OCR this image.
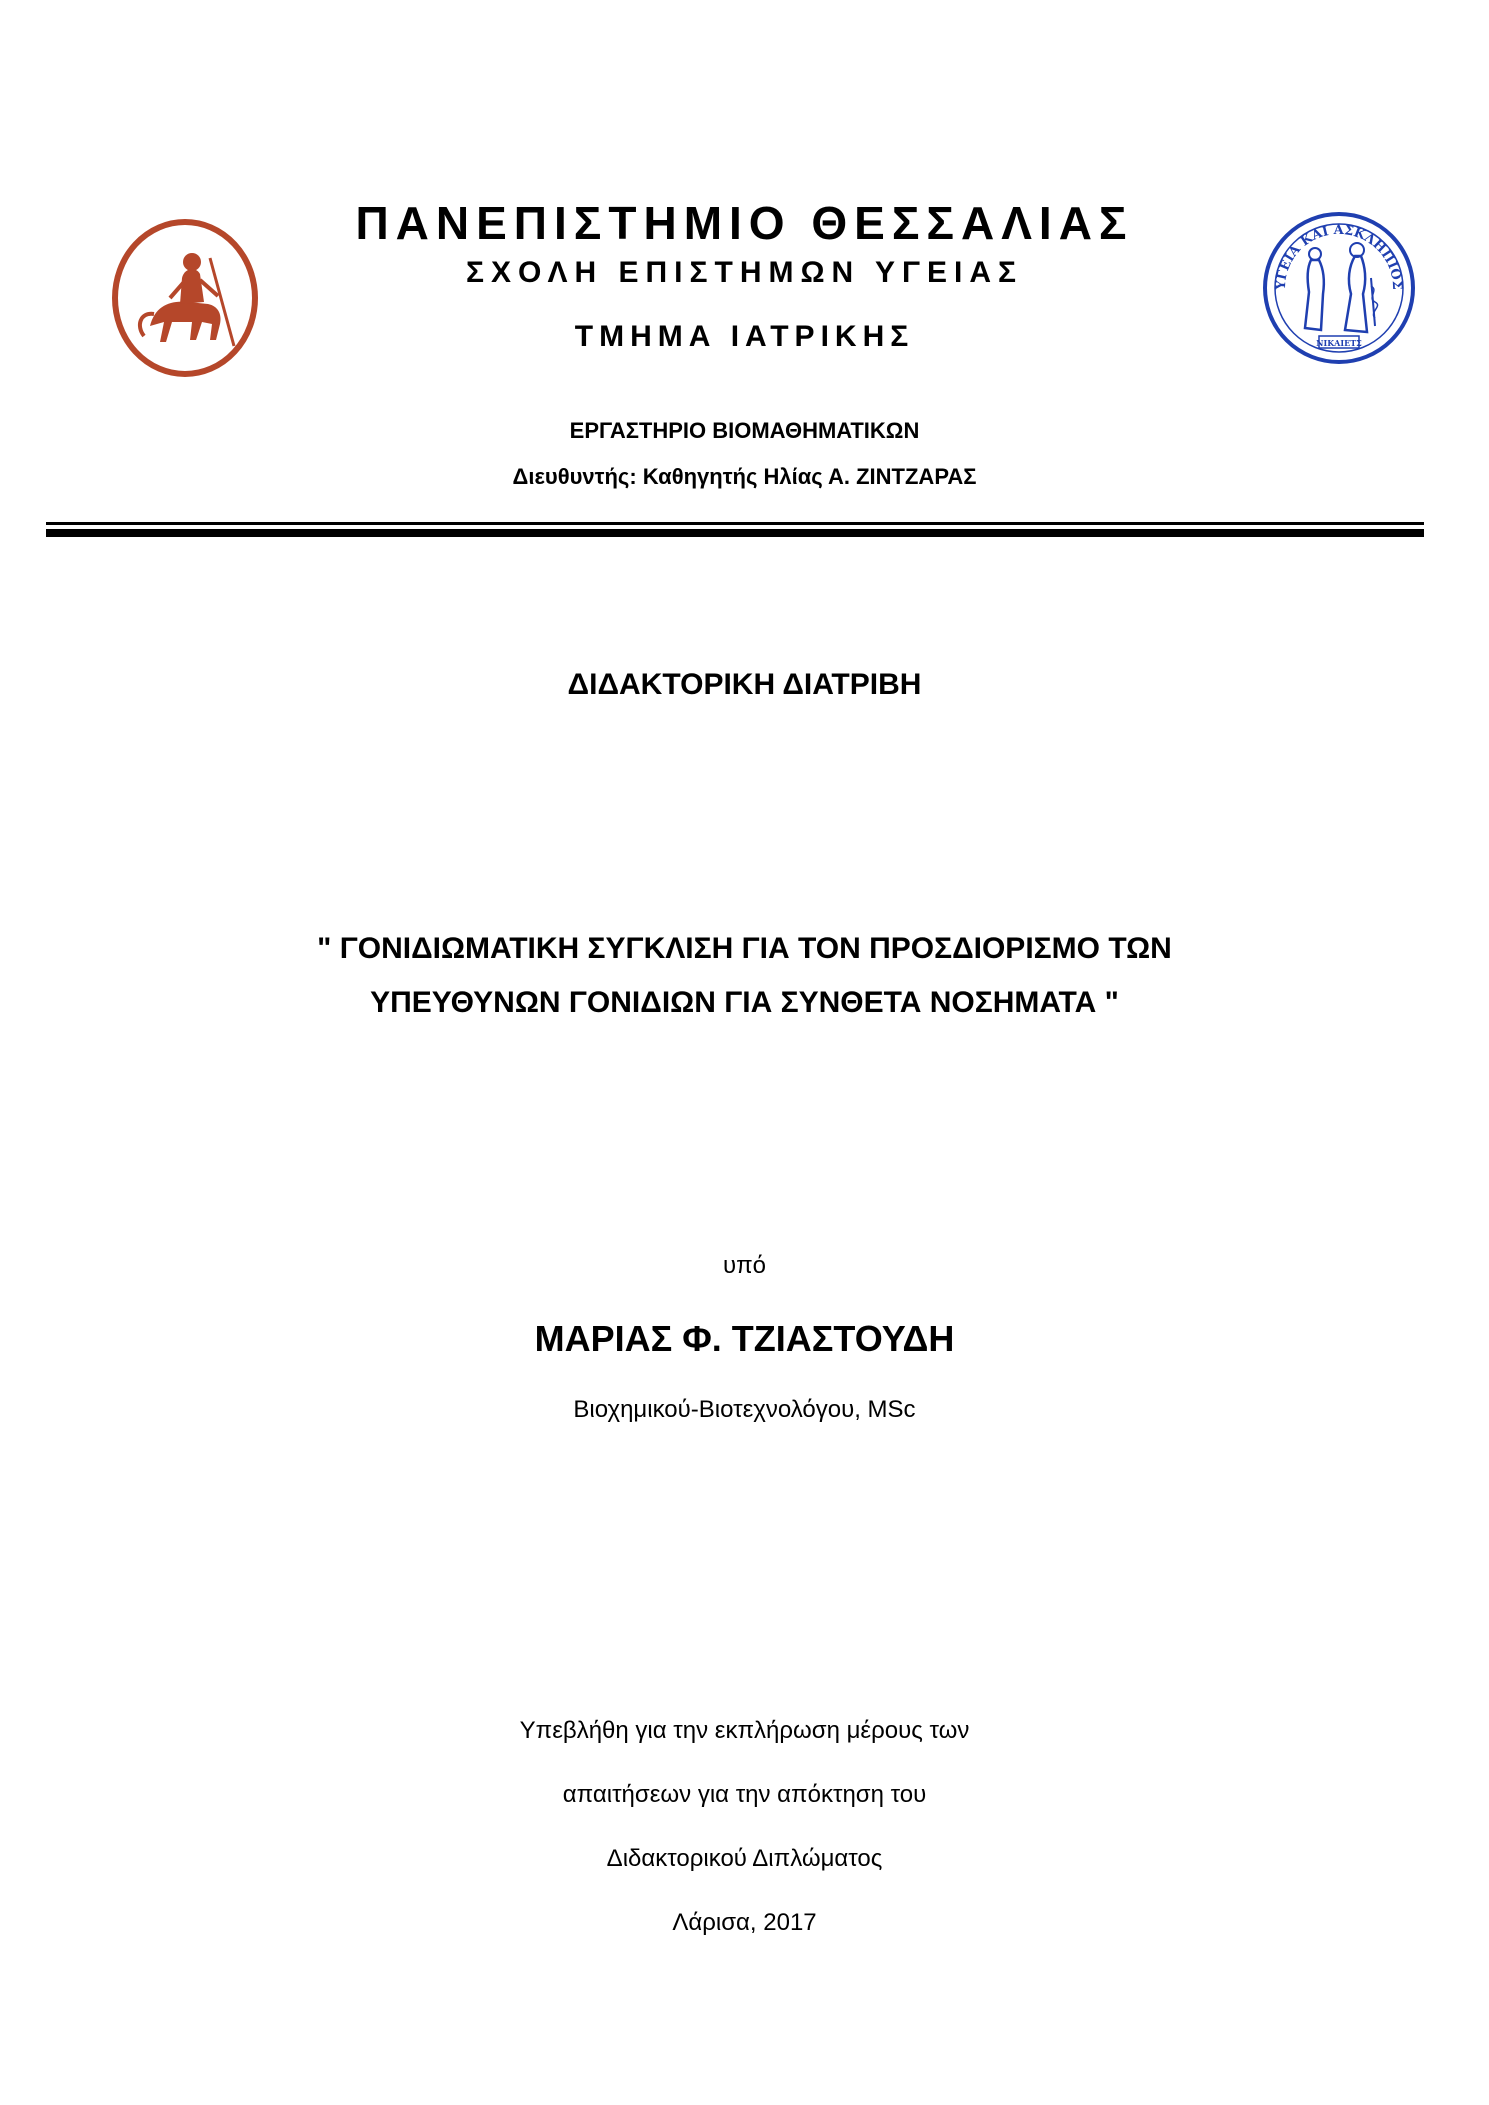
ΥΓΕΙΑ ΚΑΙ ΑΣΚΛΗΠΙΟΣ
ΝΙΚΑΙΕΤΣ
ΠΑΝΕΠΙΣΤΗΜΙΟ ΘΕΣΣΑΛΙΑΣ
ΣΧΟΛΗ ΕΠΙΣΤΗΜΩΝ ΥΓΕΙΑΣ
ΤΜΗΜΑ ΙΑΤΡΙΚΗΣ
ΕΡΓΑΣΤΗΡΙΟ ΒΙΟΜΑΘΗΜΑΤΙΚΩΝ
Διευθυντής: Καθηγητής Ηλίας Α. ΖΙΝΤΖΑΡΑΣ
ΔΙΔΑΚΤΟΡΙΚΗ ΔΙΑΤΡΙΒΗ
" ΓΟΝΙΔΙΩΜΑΤΙΚΗ ΣΥΓΚΛΙΣΗ ΓΙΑ ΤΟΝ ΠΡΟΣΔΙΟΡΙΣΜΟ ΤΩΝ
ΥΠΕΥΘΥΝΩΝ ΓΟΝΙΔΙΩΝ ΓΙΑ ΣΥΝΘΕΤΑ ΝΟΣΗΜΑΤΑ "
υπό
ΜΑΡΙΑΣ Φ. ΤΖΙΑΣΤΟΥΔΗ
Βιοχημικού-Βιοτεχνολόγου, MSc
Υπεβλήθη για την εκπλήρωση μέρους των
απαιτήσεων για την απόκτηση του
Διδακτορικού Διπλώματος
Λάρισα, 2017
